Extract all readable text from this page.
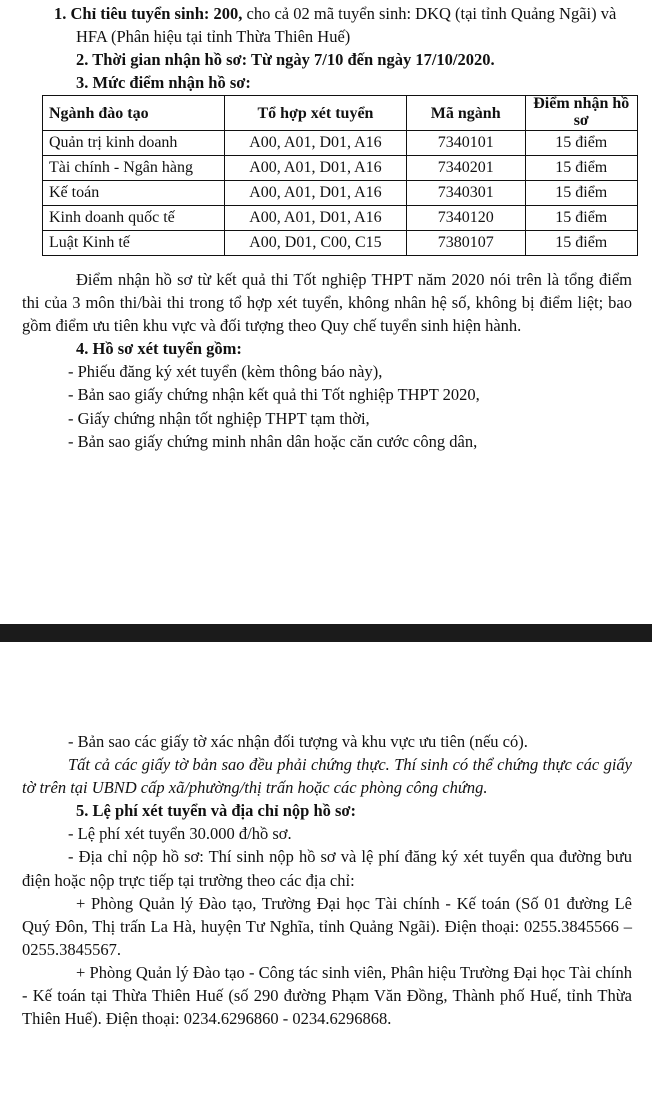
1. Chỉ tiêu tuyển sinh: 200, cho cả 02 mã tuyển sinh: DKQ (tại tỉnh Quảng Ngãi) và HFA (Phân hiệu tại tỉnh Thừa Thiên Huế)

2. Thời gian nhận hồ sơ: Từ ngày 7/10 đến ngày 17/10/2020.

3. Mức điểm nhận hồ sơ:

Ngành đào tạo	Tổ hợp xét tuyển	Mã ngành	Điểm nhận hồ sơ
Quản trị kinh doanh	A00, A01, D01, A16	7340101	15 điểm
Tài chính - Ngân hàng	A00, A01, D01, A16	7340201	15 điểm
Kế toán	A00, A01, D01, A16	7340301	15 điểm
Kinh doanh quốc tế	A00, A01, D01, A16	7340120	15 điểm
Luật Kinh tế	A00, D01, C00, C15	7380107	15 điểm

Điểm nhận hồ sơ từ kết quả thi Tốt nghiệp THPT năm 2020 nói trên là tổng điểm thi của 3 môn thi/bài thi trong tổ hợp xét tuyển, không nhân hệ số, không bị điểm liệt; bao gồm điểm ưu tiên khu vực và đối tượng theo Quy chế tuyển sinh hiện hành.

4. Hồ sơ xét tuyển gồm:

- Phiếu đăng ký xét tuyển (kèm thông báo này),

- Bản sao giấy chứng nhận kết quả thi Tốt nghiệp THPT 2020,

- Giấy chứng nhận tốt nghiệp THPT tạm thời,

- Bản sao giấy chứng minh nhân dân hoặc căn cước công dân,

- Bản sao các giấy tờ xác nhận đối tượng và khu vực ưu tiên (nếu có).

Tất cả các giấy tờ bản sao đều phải chứng thực. Thí sinh có thể chứng thực các giấy tờ trên tại UBND cấp xã/phường/thị trấn hoặc các phòng công chứng.

5. Lệ phí xét tuyển và địa chỉ nộp hồ sơ:

- Lệ phí xét tuyển 30.000 đ/hồ sơ.

- Địa chỉ nộp hồ sơ: Thí sinh nộp hồ sơ và lệ phí đăng ký xét tuyển qua đường bưu điện hoặc nộp trực tiếp tại trường theo các địa chỉ:

+ Phòng Quản lý Đào tạo, Trường Đại học Tài chính - Kế toán (Số 01 đường Lê Quý Đôn, Thị trấn La Hà, huyện Tư Nghĩa, tỉnh Quảng Ngãi). Điện thoại: 0255.3845566 – 0255.3845567.

+ Phòng Quản lý Đào tạo - Công tác sinh viên, Phân hiệu Trường Đại học Tài chính - Kế toán tại Thừa Thiên Huế (số 290 đường Phạm Văn Đồng, Thành phố Huế, tỉnh Thừa Thiên Huế). Điện thoại: 0234.6296860 - 0234.6296868.
